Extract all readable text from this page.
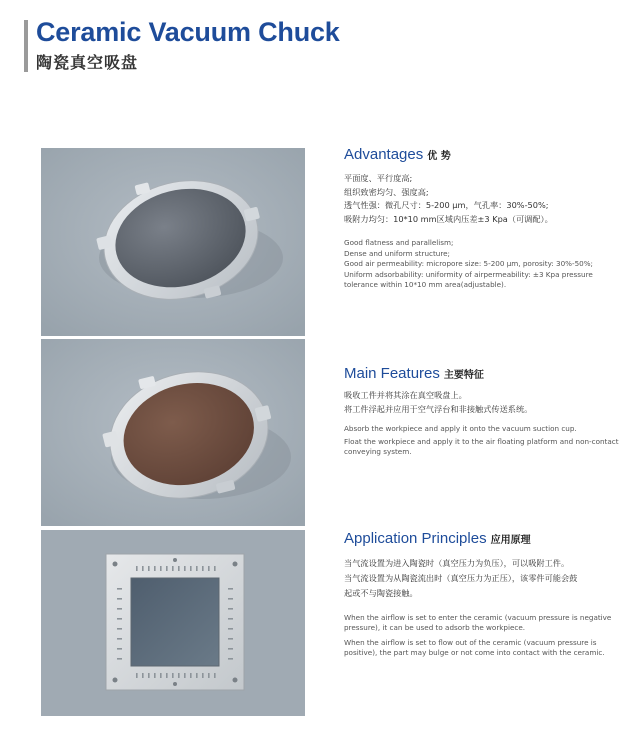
Ceramic Vacuum Chuck
陶瓷真空吸盘
Advantages 优 势
平面度、平行度高;
组织致密均匀、强度高;
透气性强：微孔尺寸：5-200 μm，气孔率：30%-50%;
吸附力均匀：10*10 mm区域内压差±3 Kpa（可调配）。

Good flatness and parallelism;

Dense and uniform structure;

Good air permeability: micropore size: 5-200 μm, porosity: 30%-50%;

Uniform adsorbability: uniformity of airpermeability: ±3 Kpa pressure tolerance within 10*10 mm area(adjustable).

Main Features 主要特征
吸收工件并将其涂在真空吸盘上。
将工件浮起并应用于空气浮台和非接触式传送系统。

Absorb the workpiece and apply it onto the vacuum suction cup.

Float the workpiece and apply it to the air floating platform and non-contact conveying system.

Application Principles 应用原理
当气流设置为进入陶瓷时（真空压力为负压），可以吸附工件。
当气流设置为从陶瓷流出时（真空压力为正压），该零件可能会鼓
起或不与陶瓷接触。

When the airflow is set to enter the ceramic (vacuum pressure is negative pressure), it can be used to adsorb the workpiece.

When the airflow is set to flow out of the ceramic (vacuum pressure is positive), the part may bulge or not come into contact with the ceramic.
